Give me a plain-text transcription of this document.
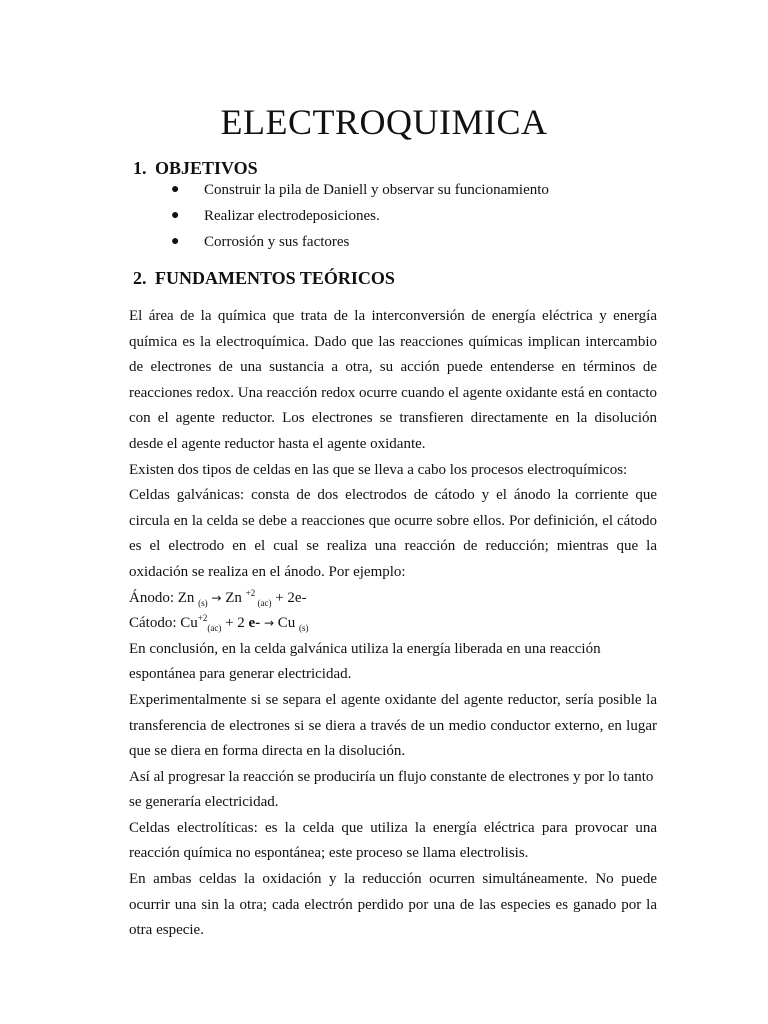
ELECTROQUIMICA
1. OBJETIVOS
● Construir la pila de Daniell y observar su funcionamiento
● Realizar electrodeposiciones.
● Corrosión y sus factores
2. FUNDAMENTOS TEÓRICOS

El área de la química que trata de la interconversión de energía eléctrica y energía química es la electroquímica. Dado que las reacciones químicas implican intercambio de electrones de una sustancia a otra, su acción puede entenderse en términos de reacciones redox. Una reacción redox ocurre cuando el agente oxidante está en contacto con el agente reductor. Los electrones se transfieren directamente en la disolución desde el agente reductor hasta el agente oxidante.

Existen dos tipos de celdas en las que se lleva a cabo los procesos electroquímicos:

Celdas galvánicas: consta de dos electrodos de cátodo y el ánodo la corriente que circula en la celda se debe a reacciones que ocurre sobre ellos. Por definición, el cátodo es el electrodo en el cual se realiza una reacción de reducción; mientras que la oxidación se realiza en el ánodo. Por ejemplo:

Ánodo: Zn $_{(s)}$ → Zn $^{+2}$ $_{(ac)}$ + 2e-

Cátodo: $Cu^{+2}_{(ac)} + 2$ e- → Cu $_{(s)}$

En conclusión, en la celda galvánica utiliza la energía liberada en una reacción espontánea para generar electricidad.

Experimentalmente si se separa el agente oxidante del agente reductor, sería posible la transferencia de electrones si se diera a través de un medio conductor externo, en lugar que se diera en forma directa en la disolución.

Así al progresar la reacción se produciría un flujo constante de electrones y por lo tanto se generaría electricidad.

Celdas electrolíticas: es la celda que utiliza la energía eléctrica para provocar una reacción química no espontánea; este proceso se llama electrolisis.

En ambas celdas la oxidación y la reducción ocurren simultáneamente. No puede ocurrir una sin la otra; cada electrón perdido por una de las especies es ganado por la otra especie.
